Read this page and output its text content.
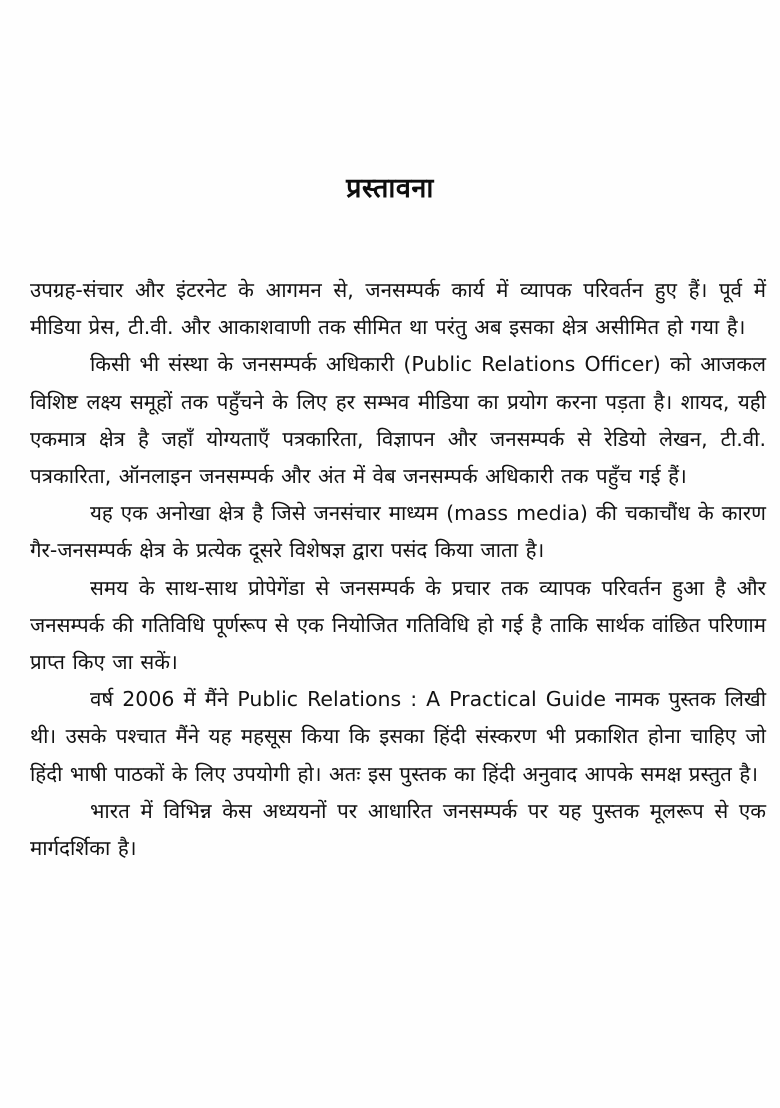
प्रस्तावना

उपग्रह-संचार और इंटरनेट के आगमन से, जनसम्पर्क कार्य में व्यापक परिवर्तन हुए हैं। पूर्व में मीडिया प्रेस, टी.वी. और आकाशवाणी तक सीमित था परंतु अब इसका क्षेत्र असीमित हो गया है।

किसी भी संस्था के जनसम्पर्क अधिकारी (Public Relations Officer) को आजकल विशिष्ट लक्ष्य समूहों तक पहुँचने के लिए हर सम्भव मीडिया का प्रयोग करना पड़ता है। शायद, यही एकमात्र क्षेत्र है जहाँ योग्यताएँ पत्रकारिता, विज्ञापन और जनसम्पर्क से रेडियो लेखन, टी.वी. पत्रकारिता, ऑनलाइन जनसम्पर्क और अंत में वेब जनसम्पर्क अधिकारी तक पहुँच गई हैं।

यह एक अनोखा क्षेत्र है जिसे जनसंचार माध्यम (mass media) की चकाचौंध के कारण गैर-जनसम्पर्क क्षेत्र के प्रत्येक दूसरे विशेषज्ञ द्वारा पसंद किया जाता है।

समय के साथ-साथ प्रोपेगेंडा से जनसम्पर्क के प्रचार तक व्यापक परिवर्तन हुआ है और जनसम्पर्क की गतिविधि पूर्णरूप से एक नियोजित गतिविधि हो गई है ताकि सार्थक वांछित परिणाम प्राप्त किए जा सकें।

वर्ष 2006 में मैंने Public Relations : A Practical Guide नामक पुस्तक लिखी थी। उसके पश्चात मैंने यह महसूस किया कि इसका हिंदी संस्करण भी प्रकाशित होना चाहिए जो हिंदी भाषी पाठकों के लिए उपयोगी हो। अतः इस पुस्तक का हिंदी अनुवाद आपके समक्ष प्रस्तुत है।

भारत में विभिन्न केस अध्ययनों पर आधारित जनसम्पर्क पर यह पुस्तक मूलरूप से एक मार्गदर्शिका है।
